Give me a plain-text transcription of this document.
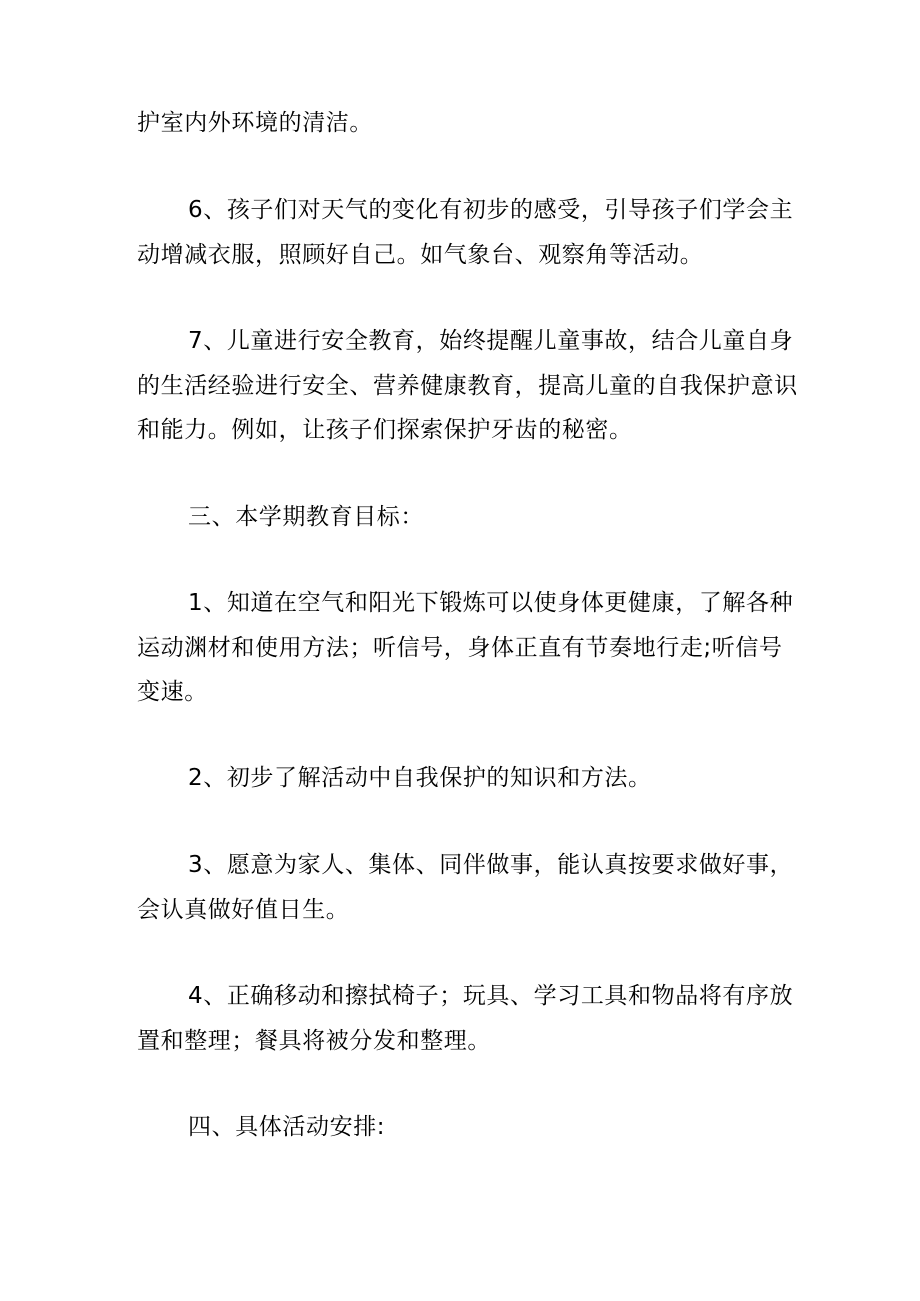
护室内外环境的清洁。
6、孩子们对天气的变化有初步的感受，引导孩子们学会主
动增减衣服，照顾好自己。如气象台、观察角等活动。
7、儿童进行安全教育，始终提醒儿童事故，结合儿童自身
的生活经验进行安全、营养健康教育，提高儿童的自我保护意识
和能力。例如，让孩子们探索保护牙齿的秘密。
三、本学期教育目标：
1、知道在空气和阳光下锻炼可以使身体更健康，了解各种
运动渊材和使用方法；听信号，身体正直有节奏地行走;听信号
变速。
2、初步了解活动中自我保护的知识和方法。
3、愿意为家人、集体、同伴做事，能认真按要求做好事，
会认真做好值日生。
4、正确移动和擦拭椅子；玩具、学习工具和物品将有序放
置和整理；餐具将被分发和整理。
四、具体活动安排:
